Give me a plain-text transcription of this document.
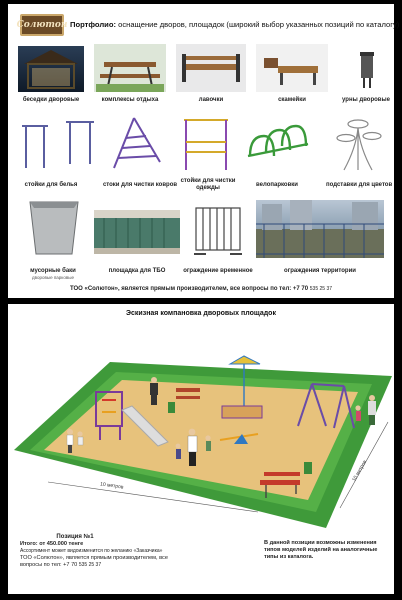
Солютон Портфолио: оснащение дворов, площадок (широкий выбор указанных позиций по каталогу)
беседки дворовые	комплексы отдыха	лавочки	скамейки	урны дворовые
стойки для белья	стоки для чистки ковров
стойки для чистки одежды	велопарковки	подставки для цветов
мусорные баки
дворовые парковые
площадка для ТБО	ограждение временное	ограждения территории
ТОО «Солютон», является прямым производителем, все вопросы по тел: +7 70 535 25 37
Эскизная компановка дворовых площадок
10 метров
10 метров
Позиция №1
Итого: от 450.000 тенге
Ассортимент может видоизменится по желанию «Заказчика»
ТОО «Солютон», является прямым производителем, все
вопросы по тел: +7 70 535 25 37
В данной позиции возможны изменения
типов моделей изделий на аналогичные
типы из каталога.
